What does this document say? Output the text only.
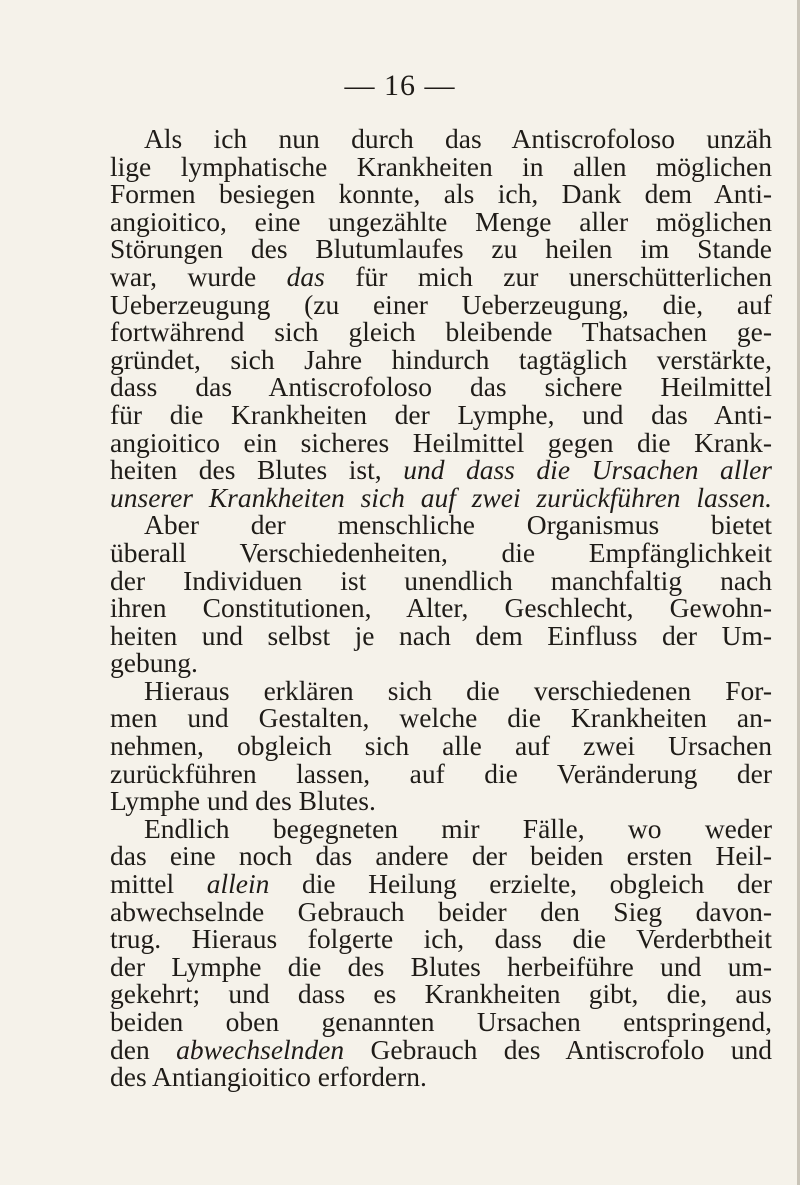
— 16 —
Als ich nun durch das Antiscrofoloso unzäh
lige lymphatische Krankheiten in allen möglichen
Formen besiegen konnte, als ich, Dank dem Anti-
angioitico, eine ungezählte Menge aller möglichen
Störungen des Blutumlaufes zu heilen im Stande
war, wurde das für mich zur unerschütterlichen
Ueberzeugung (zu einer Ueberzeugung, die, auf
fortwährend sich gleich bleibende Thatsachen ge-
gründet, sich Jahre hindurch tagtäglich verstärkte,
dass das Antiscrofoloso das sichere Heilmittel
für die Krankheiten der Lymphe, und das Anti-
angioitico ein sicheres Heilmittel gegen die Krank-
heiten des Blutes ist, und dass die Ursachen aller
unserer Krankheiten sich auf zwei zurückführen lassen.
Aber der menschliche Organismus bietet
überall Verschiedenheiten, die Empfänglichkeit
der Individuen ist unendlich manchfaltig nach
ihren Constitutionen, Alter, Geschlecht, Gewohn-
heiten und selbst je nach dem Einfluss der Um-
gebung.
Hieraus erklären sich die verschiedenen For-
men und Gestalten, welche die Krankheiten an-
nehmen, obgleich sich alle auf zwei Ursachen
zurückführen lassen, auf die Veränderung der
Lymphe und des Blutes.
Endlich begegneten mir Fälle, wo weder
das eine noch das andere der beiden ersten Heil-
mittel allein die Heilung erzielte, obgleich der
abwechselnde Gebrauch beider den Sieg davon-
trug. Hieraus folgerte ich, dass die Verderbtheit
der Lymphe die des Blutes herbeiführe und um-
gekehrt; und dass es Krankheiten gibt, die, aus
beiden oben genannten Ursachen entspringend,
den abwechselnden Gebrauch des Antiscrofolo und
des Antiangioitico erfordern.
